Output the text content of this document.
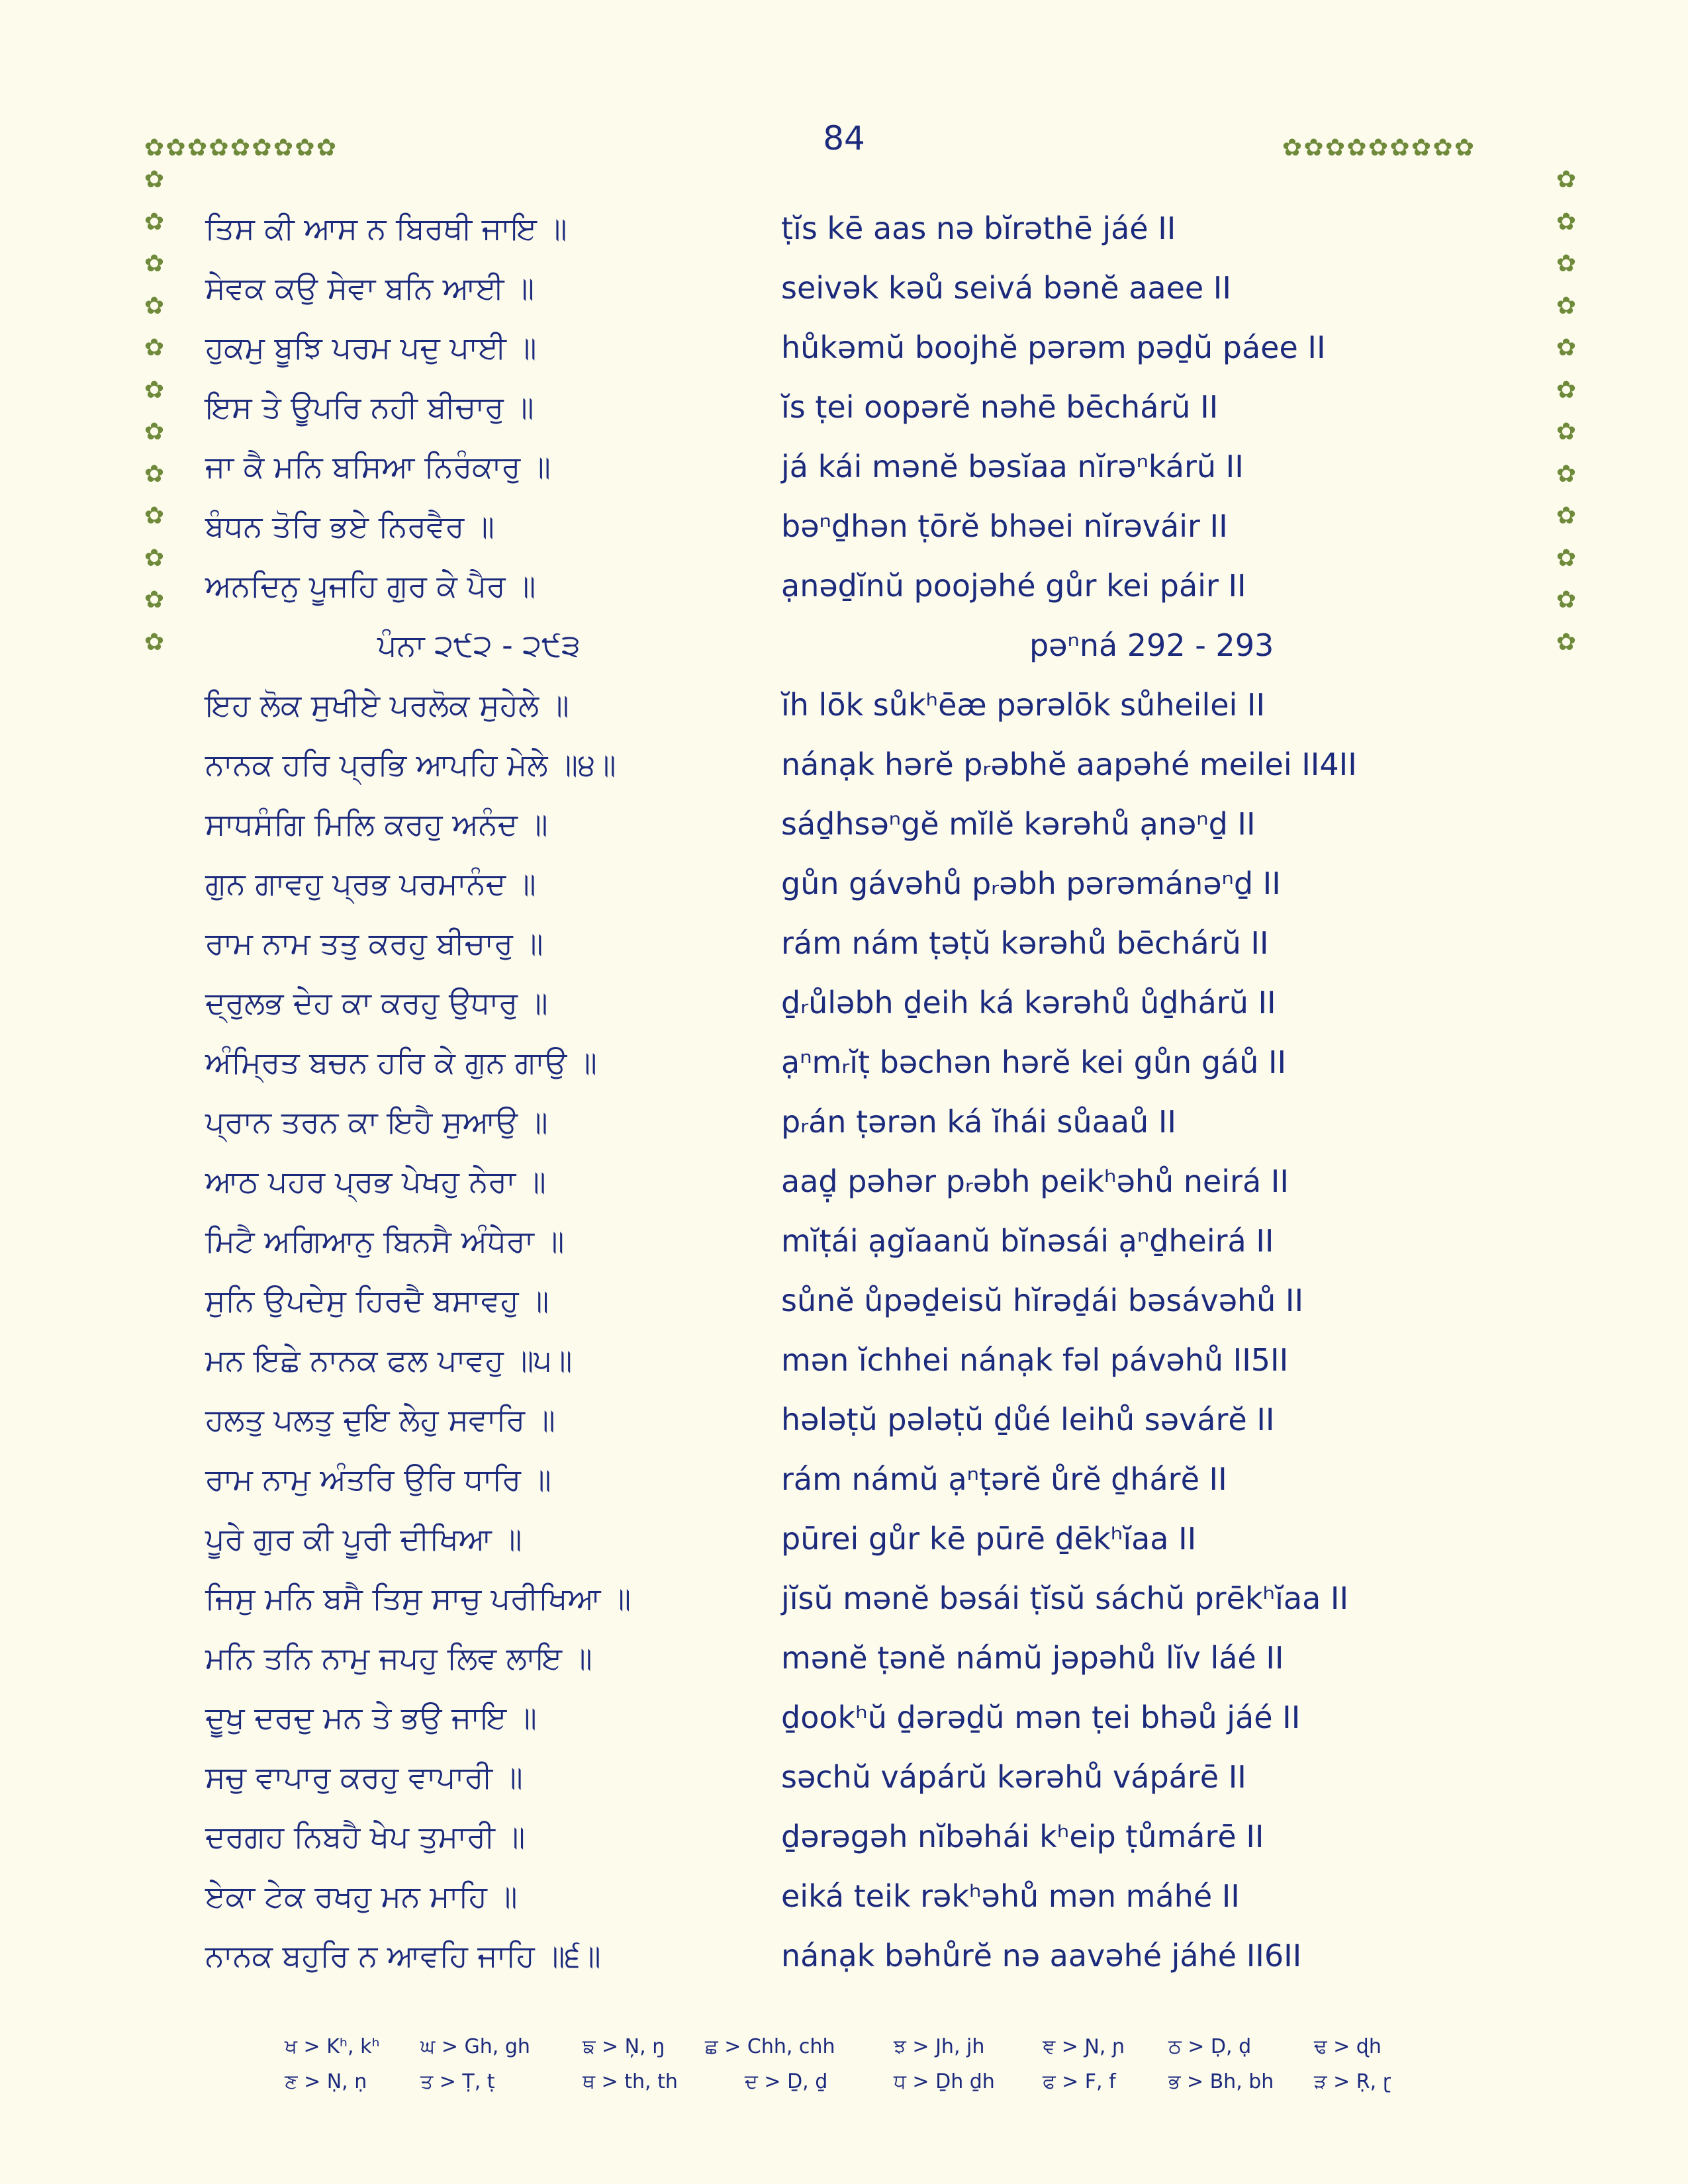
84
✿ ✿ ✿ ✿ ✿ ✿ ✿ ✿ ✿	✿ ✿ ✿ ✿ ✿ ✿ ✿ ✿ ✿
✿
✿
✿
✿
✿
✿
✿
✿
✿
✿
✿
✿
✿
✿
✿
✿
✿
✿
✿
✿
✿
✿
✿
✿
ਤਿਸ ਕੀ ਆਸ ਨ ਬਿਰਥੀ ਜਾਇ ॥	ṭĭs kē aas nə bĭrəthē jáé II
ਸੇਵਕ ਕਉ ਸੇਵਾ ਬਨਿ ਆਈ ॥	seivək kəů seivá bənĕ aaee II
ਹੁਕਮੁ ਬੂਝਿ ਪਰਮ ਪਦੁ ਪਾਈ ॥	hůkəmŭ boojhĕ pərəm pəḏŭ páee II
ਇਸ ਤੇ ਊਪਰਿ ਨਹੀ ਬੀਚਾਰੁ ॥	ĭs ṭei oopərĕ nəhē bēchárŭ II
ਜਾ ਕੈ ਮਨਿ ਬਸਿਆ ਨਿਰੰਕਾਰੁ ॥	já kái mənĕ bəsĭaa nĭrəⁿkárŭ II
ਬੰਧਨ ਤੋਰਿ ਭਏ ਨਿਰਵੈਰ ॥	bəⁿḏhən ṭōrĕ bhəei nĭrəváir II
ਅਨਦਿਨੁ ਪੂਜਹਿ ਗੁਰ ਕੇ ਪੈਰ ॥	ạnəḏĭnŭ poojəhé gůr kei páir II
ਪੰਨਾ ੨੯੨ - ੨੯੩	pəⁿná 292 - 293
ਇਹ ਲੋਕ ਸੁਖੀਏ ਪਰਲੋਕ ਸੁਹੇਲੇ ॥	ĭh lōk sůkʰēæ pərəlōk sůheilei II
ਨਾਨਕ ਹਰਿ ਪ੍ਰਭਿ ਆਪਹਿ ਮੇਲੇ ॥੪॥	nánạk hərĕ pᵣəbhĕ aapəhé meilei II4II
ਸਾਧਸੰਗਿ ਮਿਲਿ ਕਰਹੁ ਅਨੰਦ ॥	sáḏhsəⁿgĕ mĭlĕ kərəhů ạnəⁿḏ II
ਗੁਨ ਗਾਵਹੁ ਪ੍ਰਭ ਪਰਮਾਨੰਦ ॥	gůn gávəhů pᵣəbh pərəmánəⁿḏ II
ਰਾਮ ਨਾਮ ਤਤੁ ਕਰਹੁ ਬੀਚਾਰੁ ॥	rám nám ṭəṭŭ kərəhů bēchárŭ II
ਦ੍ਰੁਲਭ ਦੇਹ ਕਾ ਕਰਹੁ ਉਧਾਰੁ ॥	ḏᵣůləbh ḏeih ká kərəhů ůḏhárŭ II
ਅੰਮ੍ਰਿਤ ਬਚਨ ਹਰਿ ਕੇ ਗੁਨ ਗਾਉ ॥	ạⁿmᵣĭṭ bəchən hərĕ kei gůn gáů II
ਪ੍ਰਾਨ ਤਰਨ ਕਾ ਇਹੈ ਸੁਆਉ ॥	pᵣán ṭərən ká ĭhái sůaaů II
ਆਠ ਪਹਰ ਪ੍ਰਭ ਪੇਖਹੁ ਨੇਰਾ ॥	aaḏ̣ pəhər pᵣəbh peikʰəhů neirá II
ਮਿਟੈ ਅਗਿਆਨੁ ਬਿਨਸੈ ਅੰਧੇਰਾ ॥	mĭṭái ạgĭaanŭ bĭnəsái ạⁿḏheirá II
ਸੁਨਿ ਉਪਦੇਸੁ ਹਿਰਦੈ ਬਸਾਵਹੁ ॥	sůnĕ ůpəḏeisŭ hĭrəḏái bəsávəhů II
ਮਨ ਇਛੇ ਨਾਨਕ ਫਲ ਪਾਵਹੁ ॥੫॥	mən ĭchhei nánạk fəl pávəhů II5II
ਹਲਤੁ ਪਲਤੁ ਦੁਇ ਲੇਹੁ ਸਵਾਰਿ ॥	hələṭŭ pələṭŭ ḏůé leihů səvárĕ II
ਰਾਮ ਨਾਮੁ ਅੰਤਰਿ ਉਰਿ ਧਾਰਿ ॥	rám námŭ ạⁿṭərĕ ůrĕ ḏhárĕ II
ਪੂਰੇ ਗੁਰ ਕੀ ਪੂਰੀ ਦੀਖਿਆ ॥	pūrei gůr kē pūrē ḏēkʰĭaa II
ਜਿਸੁ ਮਨਿ ਬਸੈ ਤਿਸੁ ਸਾਚੁ ਪਰੀਖਿਆ ॥	jĭsŭ mənĕ bəsái ṭĭsŭ sáchŭ prēkʰĭaa II
ਮਨਿ ਤਨਿ ਨਾਮੁ ਜਪਹੁ ਲਿਵ ਲਾਇ ॥	mənĕ ṭənĕ námŭ jəpəhů lĭv láé II
ਦੂਖੁ ਦਰਦੁ ਮਨ ਤੇ ਭਉ ਜਾਇ ॥	ḏookʰŭ ḏərəḏŭ mən ṭei bhəů jáé II
ਸਚੁ ਵਾਪਾਰੁ ਕਰਹੁ ਵਾਪਾਰੀ ॥	səchŭ vápárŭ kərəhů vápárē II
ਦਰਗਹ ਨਿਬਹੈ ਖੇਪ ਤੁਮਾਰੀ ॥	ḏərəgəh nĭbəhái kʰeip ṭůmárē II
ਏਕਾ ਟੇਕ ਰਖਹੁ ਮਨ ਮਾਹਿ ॥	eiká teik rəkʰəhů mən máhé II
ਨਾਨਕ ਬਹੁਰਿ ਨ ਆਵਹਿ ਜਾਹਿ ॥੬॥	nánạk bəhůrĕ nə aavəhé jáhé II6II
ਖ > Kʰ, kʰ ਘ > Gh, gh	ਙ > Ņ, ŋ ਛ > Chh, chh	ਝ > Jh, jh	ਞ > Ɲ, ɲ ਠ > Ḍ, ḍ	ਢ > ɖh
ਣ > Ṇ, ṇ	ਤ > Ṭ, ṭ	ਥ > th, th	ਦ > Ḏ, ḏ	ਧ > Ḏh ḏh ਫ > F, f	ਭ > Bh, bh ੜ > Ṛ, ɽ
